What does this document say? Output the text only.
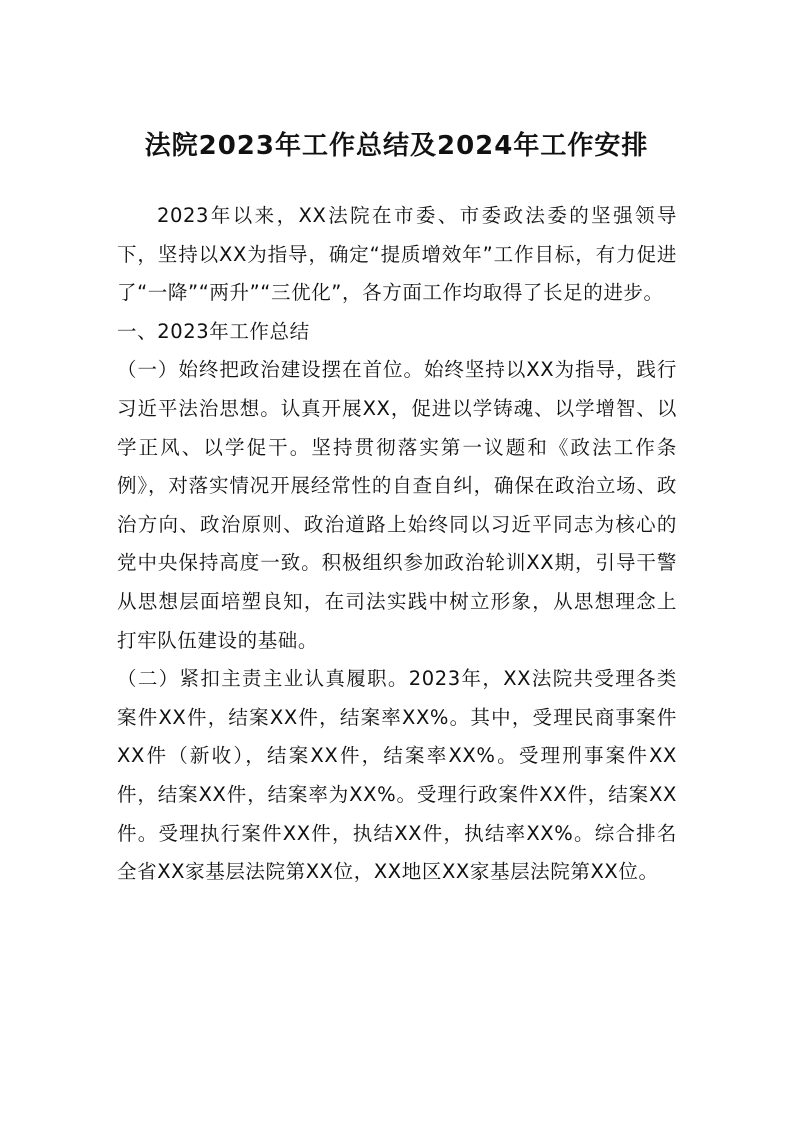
法院2023年工作总结及2024年工作安排

2023年以来，XX法院在市委、市委政法委的坚强领导下，坚持以XX为指导，确定“提质增效年”工作目标，有力促进了“一降”“两升”“三优化”，各方面工作均取得了长足的进步。

一、2023年工作总结

（一）始终把政治建设摆在首位。始终坚持以XX为指导，践行习近平法治思想。认真开展XX，促进以学铸魂、以学增智、以学正风、以学促干。坚持贯彻落实第一议题和《政法工作条例》，对落实情况开展经常性的自查自纠，确保在政治立场、政治方向、政治原则、政治道路上始终同以习近平同志为核心的党中央保持高度一致。积极组织参加政治轮训XX期，引导干警从思想层面培塑良知，在司法实践中树立形象，从思想理念上打牢队伍建设的基础。

（二）紧扣主责主业认真履职。2023年，XX法院共受理各类案件XX件，结案XX件，结案率XX%。其中，受理民商事案件XX件（新收），结案XX件，结案率XX%。受理刑事案件XX件，结案XX件，结案率为XX%。受理行政案件XX件，结案XX件。受理执行案件XX件，执结XX件，执结率XX%。综合排名全省XX家基层法院第XX位，XX地区XX家基层法院第XX位。
